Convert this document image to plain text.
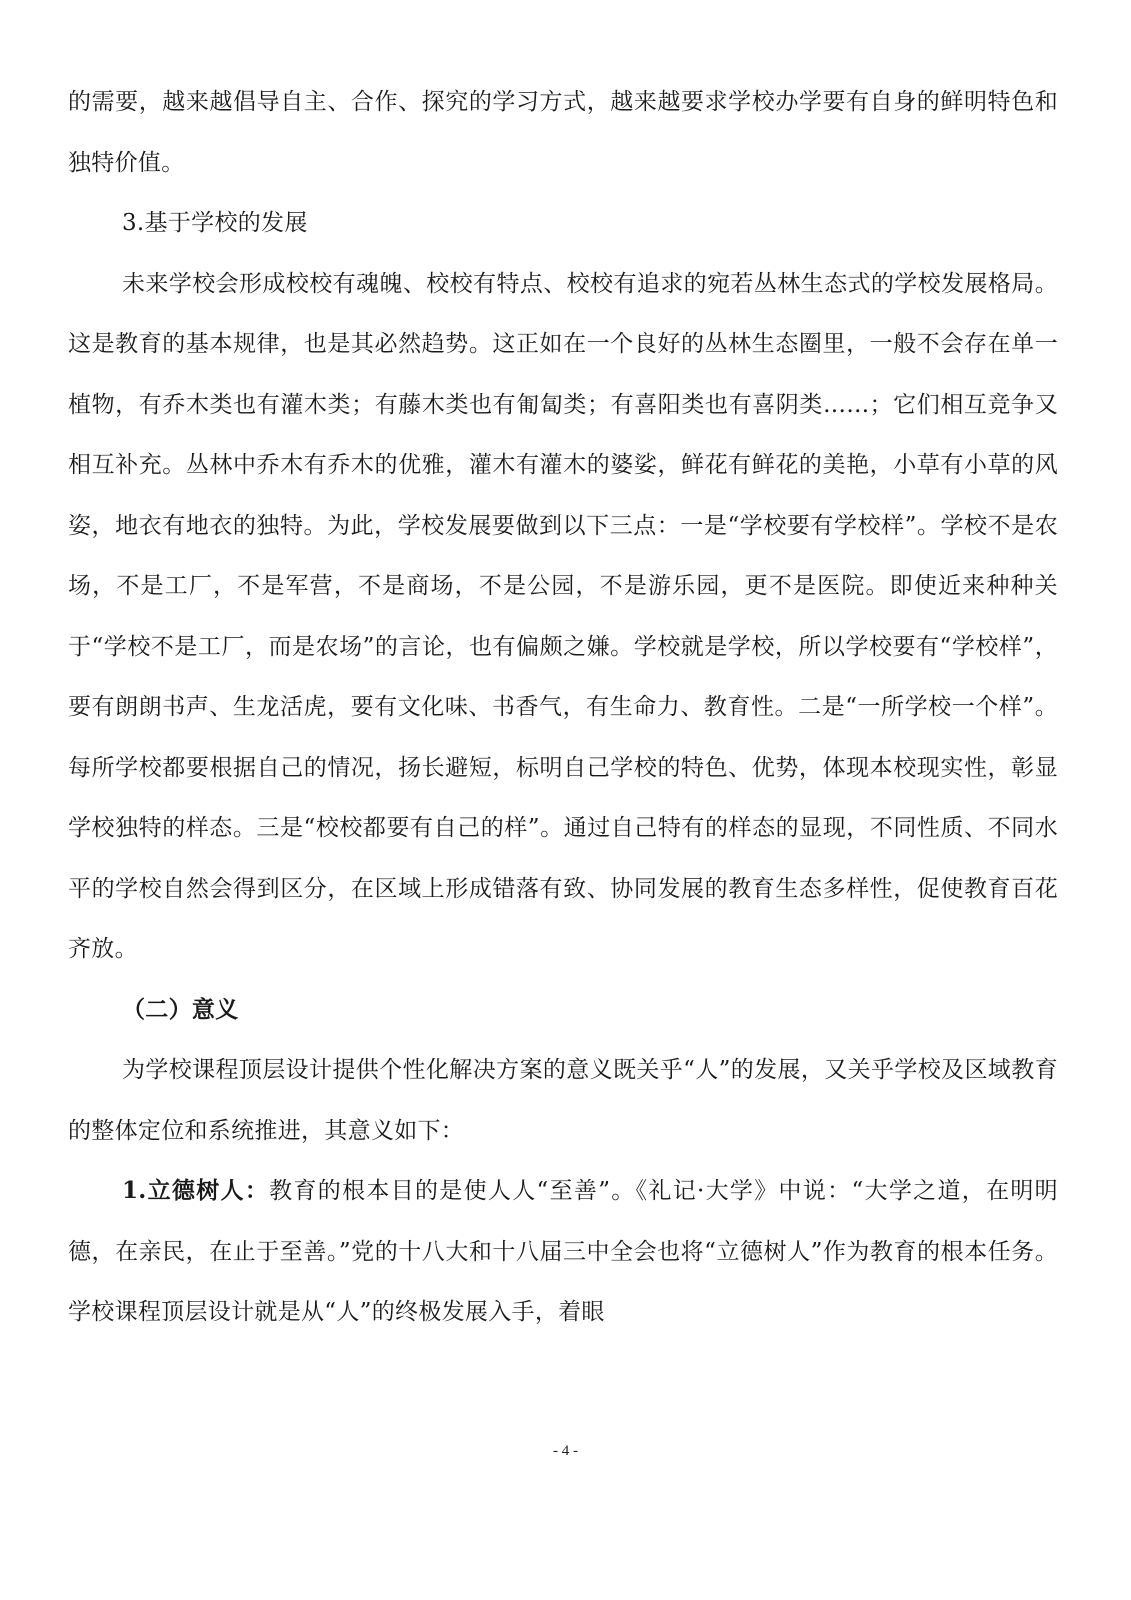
的需要，越来越倡导自主、合作、探究的学习方式，越来越要求学校办学要有自身的鲜明特色和独特价值。

3.基于学校的发展

未来学校会形成校校有魂魄、校校有特点、校校有追求的宛若丛林生态式的学校发展格局。这是教育的基本规律，也是其必然趋势。这正如在一个良好的丛林生态圈里，一般不会存在单一植物，有乔木类也有灌木类；有藤木类也有匍匐类；有喜阳类也有喜阴类……；它们相互竞争又相互补充。丛林中乔木有乔木的优雅，灌木有灌木的婆娑，鲜花有鲜花的美艳，小草有小草的风姿，地衣有地衣的独特。为此，学校发展要做到以下三点：一是“学校要有学校样”。学校不是农场，不是工厂，不是军营，不是商场，不是公园，不是游乐园，更不是医院。即使近来种种关于“学校不是工厂，而是农场”的言论，也有偏颇之嫌。学校就是学校，所以学校要有“学校样”，要有朗朗书声、生龙活虎，要有文化味、书香气，有生命力、教育性。二是“一所学校一个样”。每所学校都要根据自己的情况，扬长避短，标明自己学校的特色、优势，体现本校现实性，彰显学校独特的样态。三是“校校都要有自己的样”。通过自己特有的样态的显现，不同性质、不同水平的学校自然会得到区分，在区域上形成错落有致、协同发展的教育生态多样性，促使教育百花齐放。

（二）意义

为学校课程顶层设计提供个性化解决方案的意义既关乎“人”的发展，又关乎学校及区域教育的整体定位和系统推进，其意义如下：

1.立德树人：教育的根本目的是使人人“至善”。《礼记·大学》中说：“大学之道，在明明德，在亲民，在止于至善。”党的十八大和十八届三中全会也将“立德树人”作为教育的根本任务。学校课程顶层设计就是从“人”的终极发展入手，着眼

- 4 -
